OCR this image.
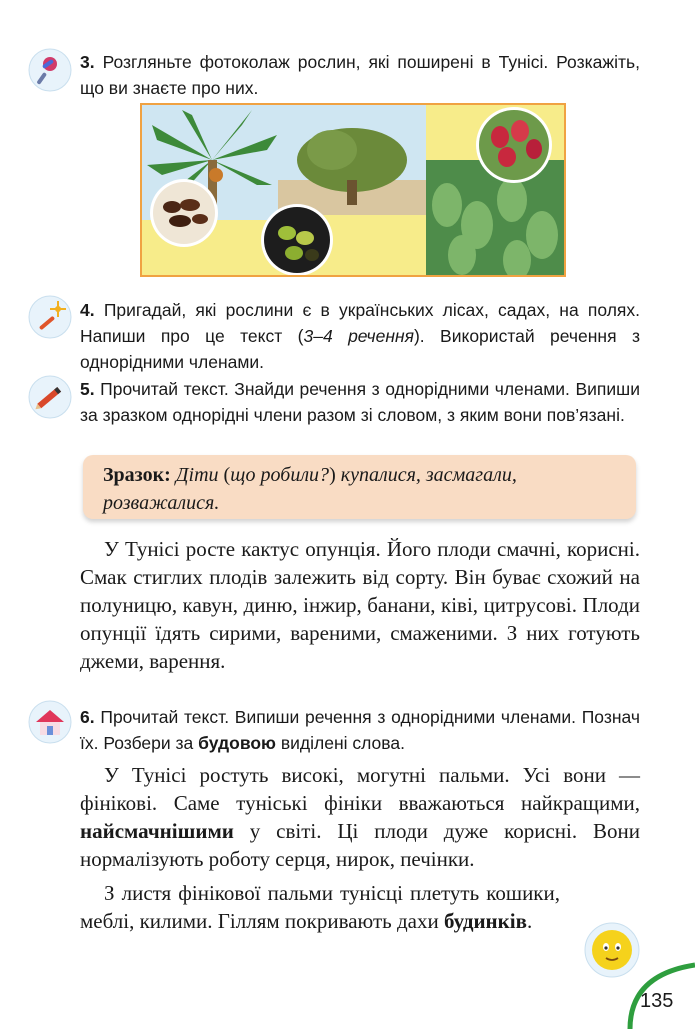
3. Розгляньте фотоколаж рослин, які поширені в Тунісі. Розкажіть, що ви знаєте про них.
4. Пригадай, які рослини є в українських лісах, садах, на полях. Напиши про це текст (3–4 речення). Використай речення з однорідними членами.
5. Прочитай текст. Знайди речення з однорідними членами. Випиши за зразком однорідні члени разом зі словом, з яким вони пов’язані.
Зразок: Діти (що робили?) купалися, засмагали, розважалися.

У Тунісі росте кактус опунція. Його плоди смачні, корисні. Смак стиглих плодів залежить від сорту. Він буває схожий на полуницю, кавун, диню, інжир, банани, ківі, цитрусові. Плоди опунції їдять сирими, вареними, смаженими. З них готують джеми, варення.

6. Прочитай текст. Випиши речення з однорідними членами. Познач їх. Розбери за будовою виділені слова.

У Тунісі ростуть високі, могутні пальми. Усі вони — фінікові. Саме туніські фініки вважаються найкращими, найсмачнішими у світі. Ці плоди дуже корисні. Вони нормалізують роботу серця, нирок, печінки.

З листя фінікової пальми тунісці плетуть кошики, меблі, килими. Гіллям покривають дахи будинків.

135
